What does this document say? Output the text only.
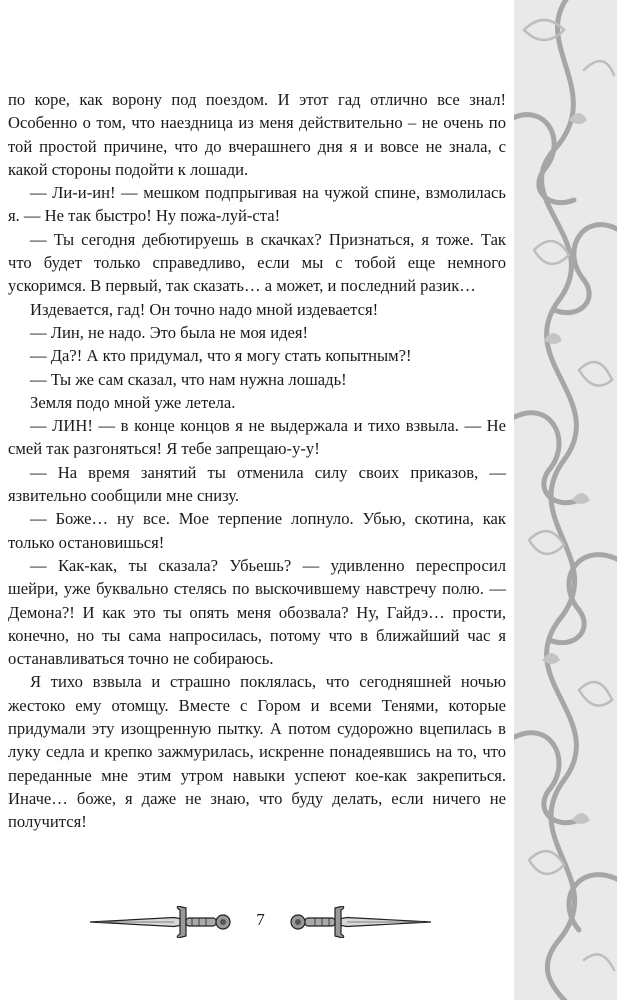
по коре, как ворону под поездом. И этот гад отлично все знал! Особенно о том, что наездница из меня действительно – не очень по той простой причине, что до вчерашнего дня я и вовсе не знала, с какой стороны подойти к лошади.

— Ли-и-ин! — мешком подпрыгивая на чужой спине, взмолилась я. — Не так быстро! Ну пожа-луй-ста!

— Ты сегодня дебютируешь в скачках? Признаться, я тоже. Так что будет только справедливо, если мы с тобой еще немного ускоримся. В первый, так сказать… а может, и последний разик…

Издевается, гад! Он точно надо мной издевается!

— Лин, не надо. Это была не моя идея!

— Да?! А кто придумал, что я могу стать копытным?!

— Ты же сам сказал, что нам нужна лошадь!

Земля подо мной уже летела.

— ЛИН! — в конце концов я не выдержала и тихо взвыла. — Не смей так разгоняться! Я тебе запрещаю-у-у!

— На время занятий ты отменила силу своих приказов, — язвительно сообщили мне снизу.

— Боже… ну все. Мое терпение лопнуло. Убью, скотина, как только остановишься!

— Как-как, ты сказала? Убьешь? — удивленно переспросил шейри, уже буквально стелясь по выскочившему навстречу полю. — Демона?! И как это ты опять меня обозвала? Ну, Гайдэ… прости, конечно, но ты сама напросилась, потому что в ближайший час я останавливаться точно не собираюсь.

Я тихо взвыла и страшно поклялась, что сегодняшней ночью жестоко ему отомщу. Вместе с Гором и всеми Тенями, которые придумали эту изощренную пытку. А потом судорожно вцепилась в луку седла и крепко зажмурилась, искренне понадеявшись на то, что переданные мне этим утром навыки успеют кое-как закрепиться. Иначе… боже, я даже не знаю, что буду делать, если ничего не получится!

7
